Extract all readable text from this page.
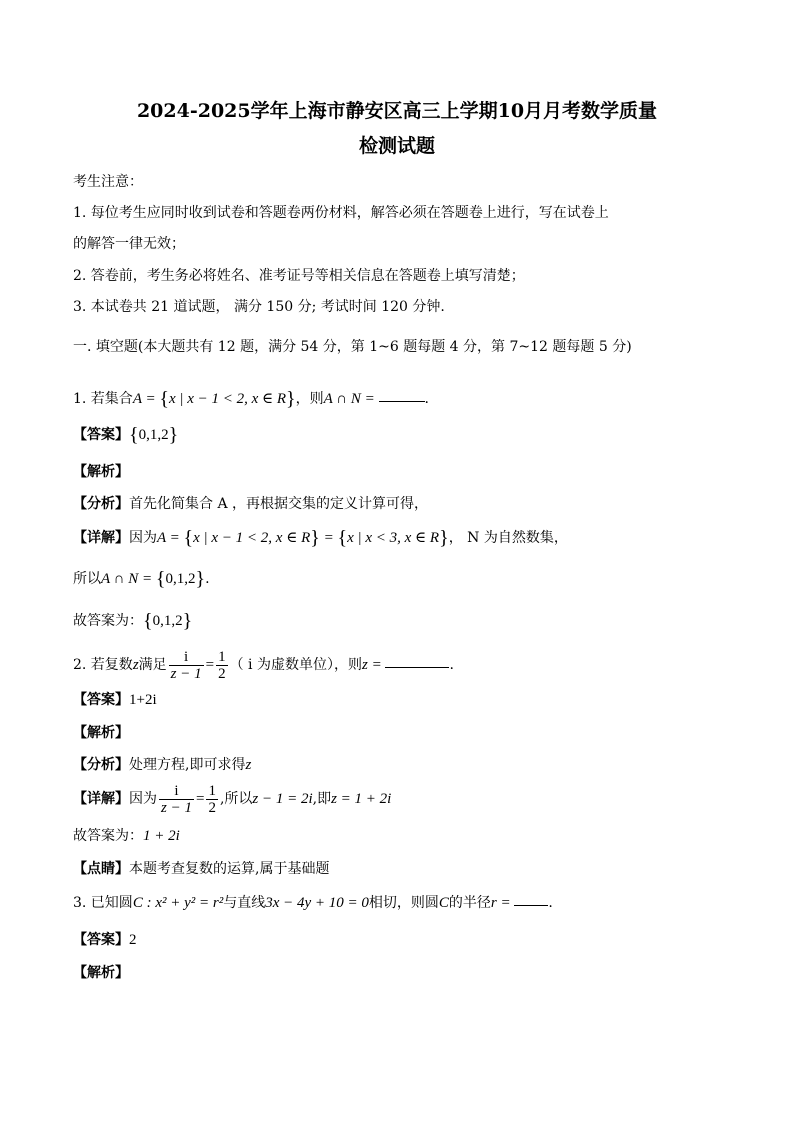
2024-2025学年上海市静安区高三上学期10月月考数学质量
检测试题
考生注意：
1. 每位考生应同时收到试卷和答题卷两份材料，解答必须在答题卷上进行，写在试卷上
的解答一律无效；
2. 答卷前，考生务必将姓名、准考证号等相关信息在答题卷上填写清楚；
3. 本试卷共 21 道试题， 满分 150 分; 考试时间 120 分钟.
一. 填空题(本大题共有 12 题，满分 54 分，第 1~6 题每题 4 分，第 7~12 题每题 5 分)
1. 若集合A = {x | x − 1 < 2, x ∈ R}，则A ∩ N =	.
【答案】{0,1,2}
【解析】
【分析】首先化简集合 A ，再根据交集的定义计算可得，
【详解】因为A = {x | x − 1 < 2, x ∈ R} = {x | x < 3, x ∈ R}， N 为自然数集，
所以A ∩ N = {0,1,2}.
故答案为：{0,1,2}
2. 若复数z满足 $\frac{i}{z - 1} = \frac{1}{2}$ （ i 为虚数单位），则z =	.
【答案】1+2i
【解析】
【分析】处理方程,即可求得z
【详解】因为 $\frac{i}{z - 1} = \frac{1}{2}$ ,所以z − 1 = 2i,即z = 1 + 2i
故答案为：1 + 2i
【点睛】本题考查复数的运算,属于基础题
3. 已知圆C : x² + y² = r²与直线3x − 4y + 10 = 0相切，则圆C的半径r = .
【答案】2
【解析】
